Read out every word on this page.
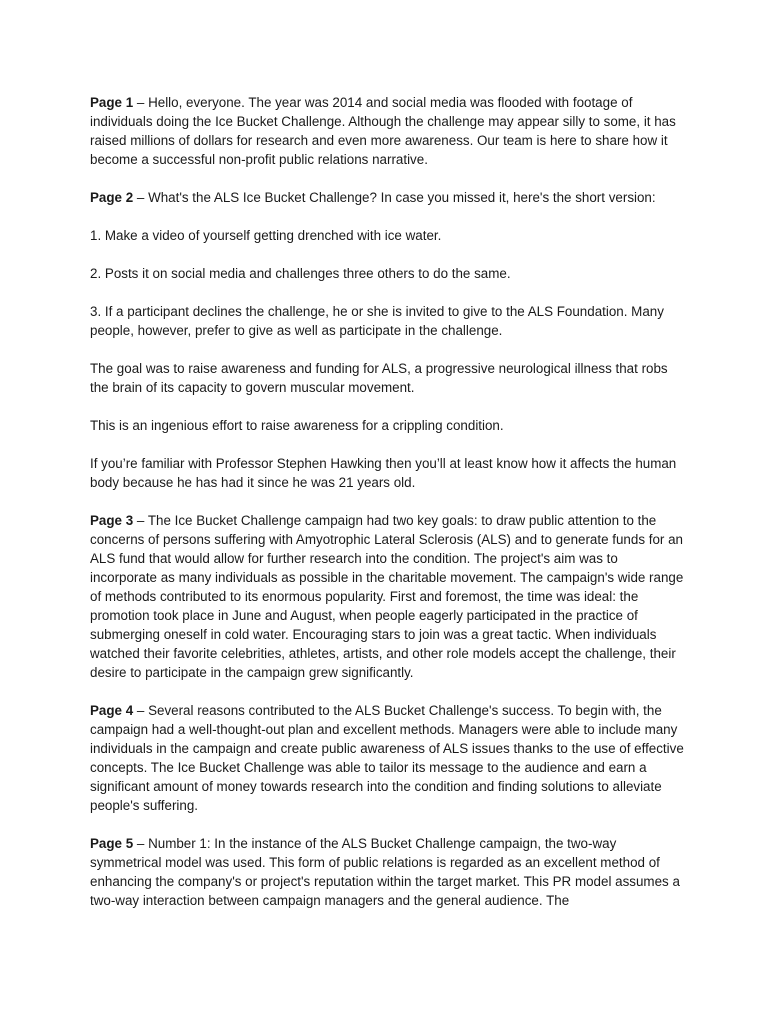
Page 1 – Hello, everyone. The year was 2014 and social media was flooded with footage of individuals doing the Ice Bucket Challenge. Although the challenge may appear silly to some, it has raised millions of dollars for research and even more awareness. Our team is here to share how it become a successful non-profit public relations narrative.

Page 2 – What's the ALS Ice Bucket Challenge? In case you missed it, here's the short version:

1. Make a video of yourself getting drenched with ice water.

2. Posts it on social media and challenges three others to do the same.

3. If a participant declines the challenge, he or she is invited to give to the ALS Foundation. Many people, however, prefer to give as well as participate in the challenge.

The goal was to raise awareness and funding for ALS, a progressive neurological illness that robs the brain of its capacity to govern muscular movement.

This is an ingenious effort to raise awareness for a crippling condition.

If you’re familiar with Professor Stephen Hawking then you’ll at least know how it affects the human body because he has had it since he was 21 years old.

Page 3 – The Ice Bucket Challenge campaign had two key goals: to draw public attention to the concerns of persons suffering with Amyotrophic Lateral Sclerosis (ALS) and to generate funds for an ALS fund that would allow for further research into the condition. The project's aim was to incorporate as many individuals as possible in the charitable movement. The campaign's wide range of methods contributed to its enormous popularity. First and foremost, the time was ideal: the promotion took place in June and August, when people eagerly participated in the practice of submerging oneself in cold water. Encouraging stars to join was a great tactic. When individuals watched their favorite celebrities, athletes, artists, and other role models accept the challenge, their desire to participate in the campaign grew significantly.

Page 4 – Several reasons contributed to the ALS Bucket Challenge's success. To begin with, the campaign had a well-thought-out plan and excellent methods. Managers were able to include many individuals in the campaign and create public awareness of ALS issues thanks to the use of effective concepts. The Ice Bucket Challenge was able to tailor its message to the audience and earn a significant amount of money towards research into the condition and finding solutions to alleviate people's suffering.

Page 5 – Number 1: In the instance of the ALS Bucket Challenge campaign, the two-way symmetrical model was used. This form of public relations is regarded as an excellent method of enhancing the company's or project's reputation within the target market. This PR model assumes a two-way interaction between campaign managers and the general audience. The
